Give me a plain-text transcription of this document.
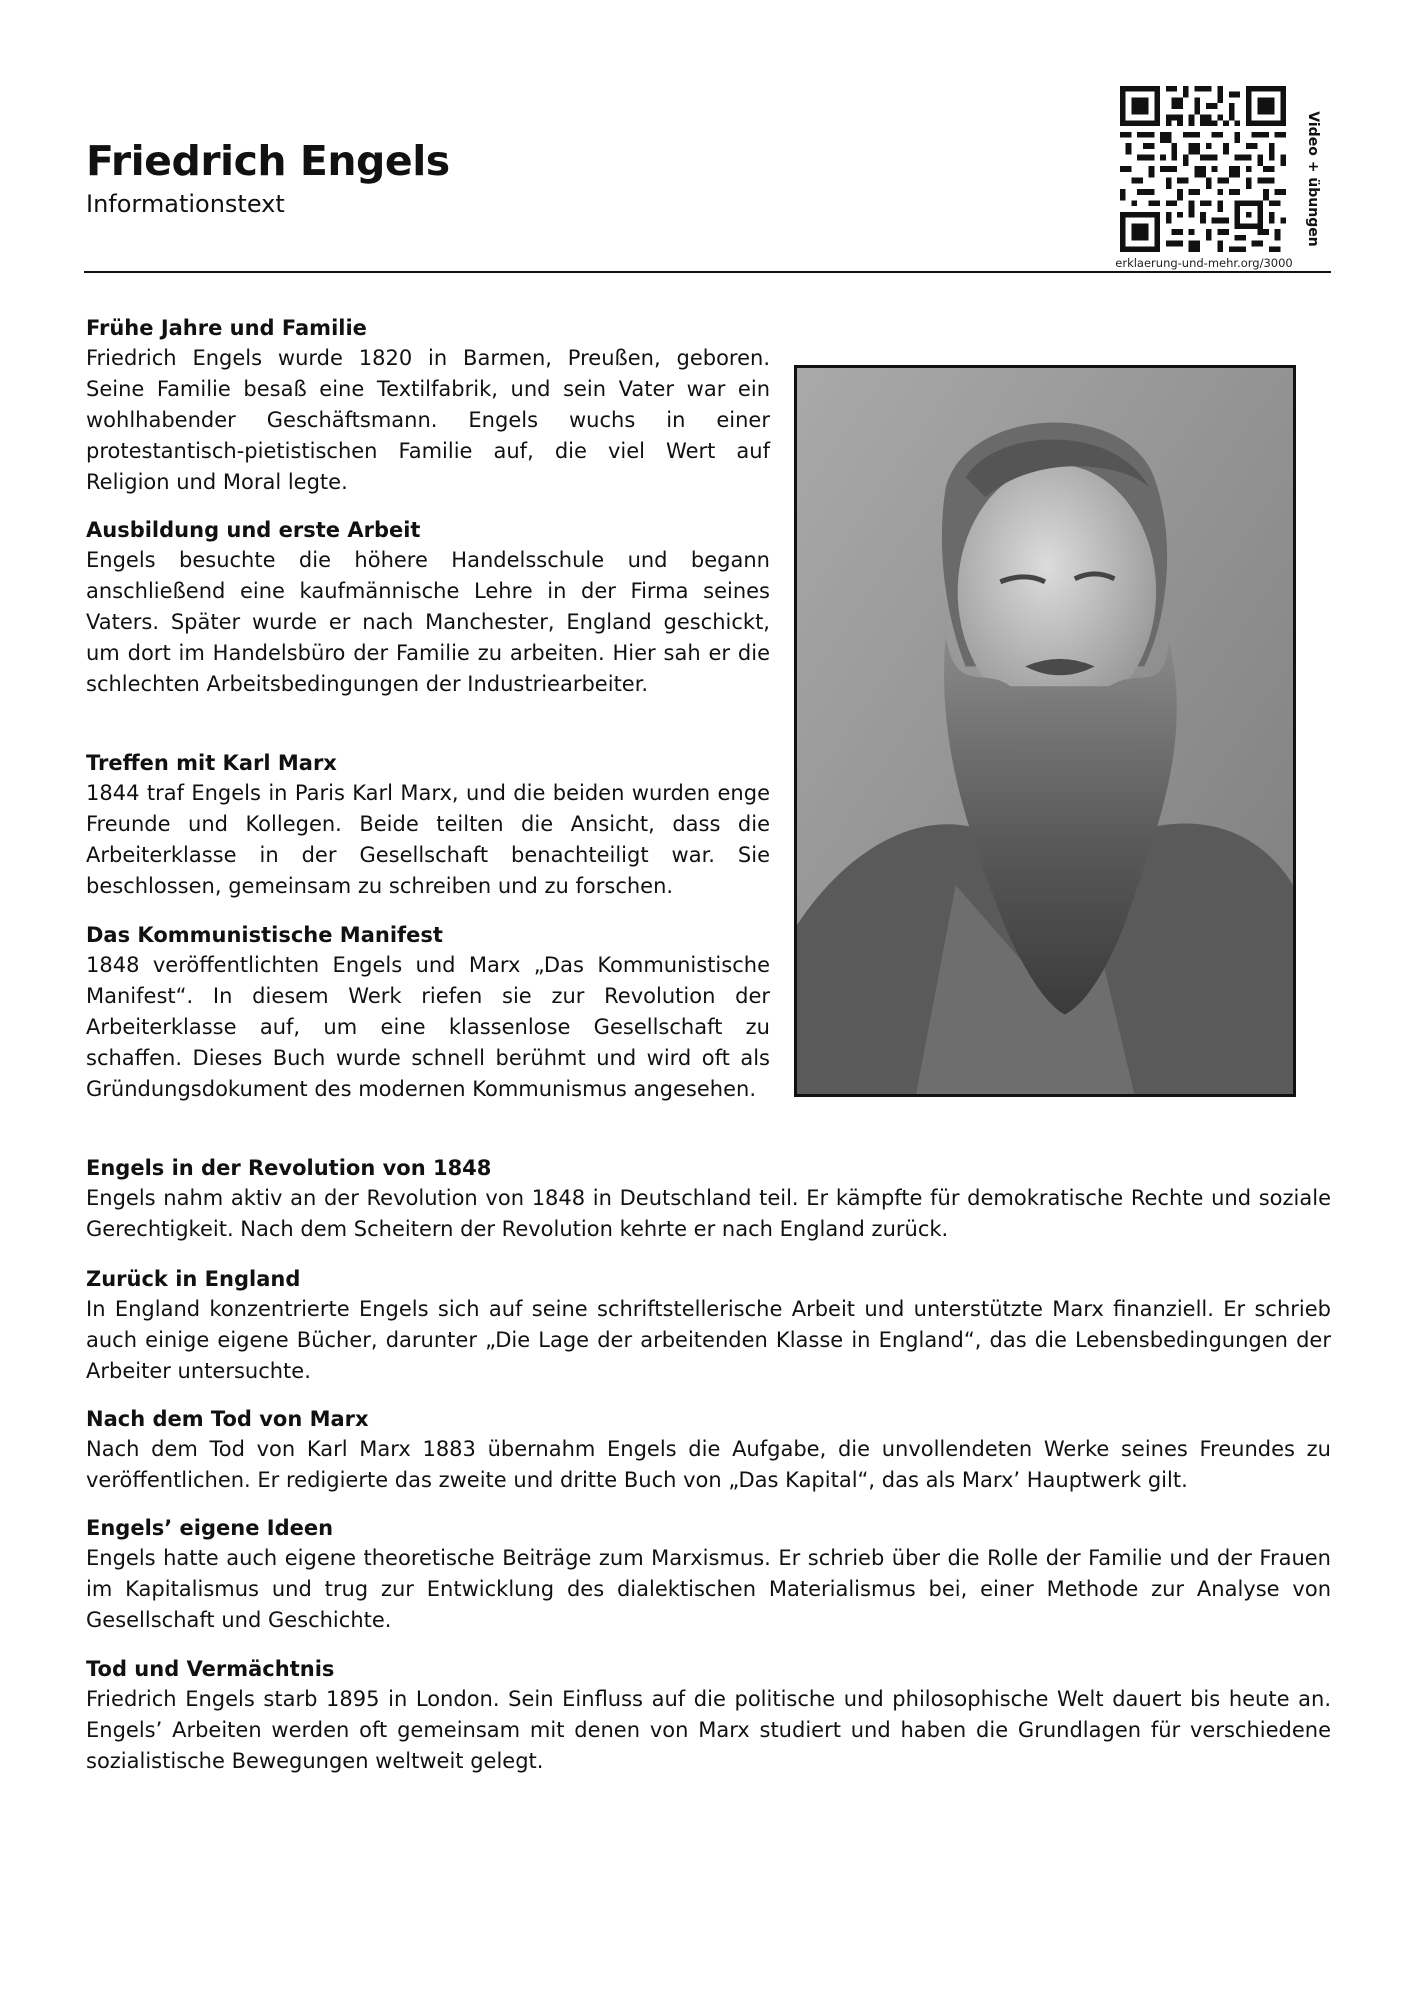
Friedrich Engels
Informationstext
erklaerung-und-mehr.org/3000
Video + übungen
Frühe Jahre und Familie

Friedrich Engels wurde 1820 in Barmen, Preußen, geboren. Seine Familie besaß eine Textilfabrik, und sein Vater war ein wohlhabender Geschäftsmann. Engels wuchs in einer protestantisch-pietistischen Familie auf, die viel Wert auf Religion und Moral legte.

Ausbildung und erste Arbeit

Engels besuchte die höhere Handelsschule und begann anschließend eine kaufmännische Lehre in der Firma seines Vaters. Später wurde er nach Manchester, England geschickt, um dort im Handelsbüro der Familie zu arbeiten. Hier sah er die schlechten Arbeitsbedingungen der Industriearbeiter.

Treffen mit Karl Marx

1844 traf Engels in Paris Karl Marx, und die beiden wurden enge Freunde und Kollegen. Beide teilten die Ansicht, dass die Arbeiterklasse in der Gesellschaft benachteiligt war. Sie beschlossen, gemeinsam zu schreiben und zu forschen.

Das Kommunistische Manifest

1848 veröffentlichten Engels und Marx „Das Kommunistische Manifest“. In diesem Werk riefen sie zur Revolution der Arbeiterklasse auf, um eine klassenlose Gesellschaft zu schaffen. Dieses Buch wurde schnell berühmt und wird oft als Gründungsdokument des modernen Kommunismus angesehen.

Engels in der Revolution von 1848

Engels nahm aktiv an der Revolution von 1848 in Deutschland teil. Er kämpfte für demokratische Rechte und soziale Gerechtigkeit. Nach dem Scheitern der Revolution kehrte er nach England zurück.

Zurück in England

In England konzentrierte Engels sich auf seine schriftstellerische Arbeit und unterstützte Marx finanziell. Er schrieb auch einige eigene Bücher, darunter „Die Lage der arbeitenden Klasse in England“, das die Lebensbedingungen der Arbeiter untersuchte.

Nach dem Tod von Marx

Nach dem Tod von Karl Marx 1883 übernahm Engels die Aufgabe, die unvollendeten Werke seines Freundes zu veröffentlichen. Er redigierte das zweite und dritte Buch von „Das Kapital“, das als Marx’ Hauptwerk gilt.

Engels’ eigene Ideen

Engels hatte auch eigene theoretische Beiträge zum Marxismus. Er schrieb über die Rolle der Familie und der Frauen im Kapitalismus und trug zur Entwicklung des dialektischen Materialismus bei, einer Methode zur Analyse von Gesellschaft und Geschichte.

Tod und Vermächtnis

Friedrich Engels starb 1895 in London. Sein Einfluss auf die politische und philosophische Welt dauert bis heute an. Engels’ Arbeiten werden oft gemeinsam mit denen von Marx studiert und haben die Grundlagen für verschiedene sozialistische Bewegungen weltweit gelegt.
